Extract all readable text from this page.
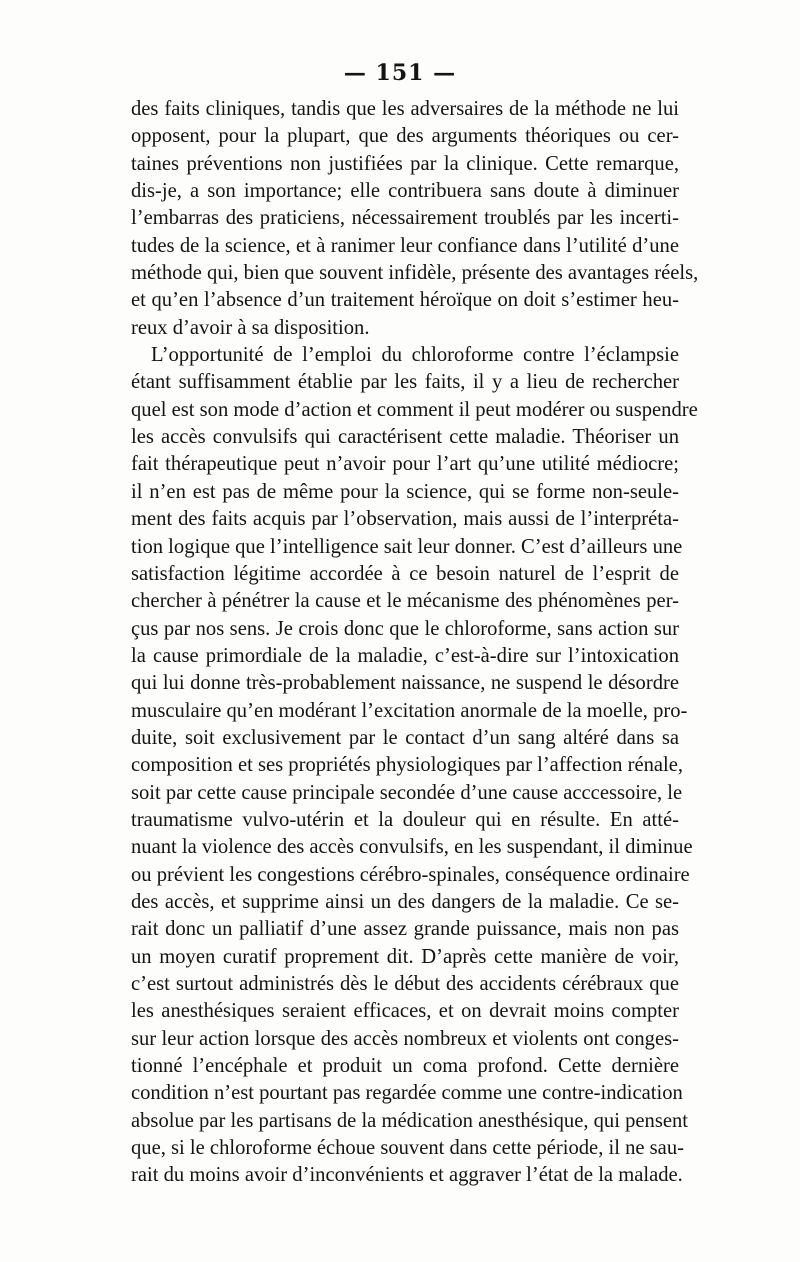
— 151 —

des faits cliniques, tandis que les adversaires de la méthode ne lui
opposent, pour la plupart, que des arguments théoriques ou cer-
taines préventions non justifiées par la clinique. Cette remarque,
dis-je, a son importance; elle contribuera sans doute à diminuer
l’embarras des praticiens, nécessairement troublés par les incerti-
tudes de la science, et à ranimer leur confiance dans l’utilité d’une
méthode qui, bien que souvent infidèle, présente des avantages réels,
et qu’en l’absence d’un traitement héroïque on doit s’estimer heu-
reux d’avoir à sa disposition.

L’opportunité de l’emploi du chloroforme contre l’éclampsie
étant suffisamment établie par les faits, il y a lieu de rechercher
quel est son mode d’action et comment il peut modérer ou suspendre
les accès convulsifs qui caractérisent cette maladie. Théoriser un
fait thérapeutique peut n’avoir pour l’art qu’une utilité médiocre;
il n’en est pas de même pour la science, qui se forme non-seule-
ment des faits acquis par l’observation, mais aussi de l’interpréta-
tion logique que l’intelligence sait leur donner. C’est d’ailleurs une
satisfaction légitime accordée à ce besoin naturel de l’esprit de
chercher à pénétrer la cause et le mécanisme des phénomènes per-
çus par nos sens. Je crois donc que le chloroforme, sans action sur
la cause primordiale de la maladie, c’est-à-dire sur l’intoxication
qui lui donne très-probablement naissance, ne suspend le désordre
musculaire qu’en modérant l’excitation anormale de la moelle, pro-
duite, soit exclusivement par le contact d’un sang altéré dans sa
composition et ses propriétés physiologiques par l’affection rénale,
soit par cette cause principale secondée d’une cause acccessoire, le
traumatisme vulvo-utérin et la douleur qui en résulte. En atté-
nuant la violence des accès convulsifs, en les suspendant, il diminue
ou prévient les congestions cérébro-spinales, conséquence ordinaire
des accès, et supprime ainsi un des dangers de la maladie. Ce se-
rait donc un palliatif d’une assez grande puissance, mais non pas
un moyen curatif proprement dit. D’après cette manière de voir,
c’est surtout administrés dès le début des accidents cérébraux que
les anesthésiques seraient efficaces, et on devrait moins compter
sur leur action lorsque des accès nombreux et violents ont conges-
tionné l’encéphale et produit un coma profond. Cette dernière
condition n’est pourtant pas regardée comme une contre-indication
absolue par les partisans de la médication anesthésique, qui pensent
que, si le chloroforme échoue souvent dans cette période, il ne sau-
rait du moins avoir d’inconvénients et aggraver l’état de la malade.
